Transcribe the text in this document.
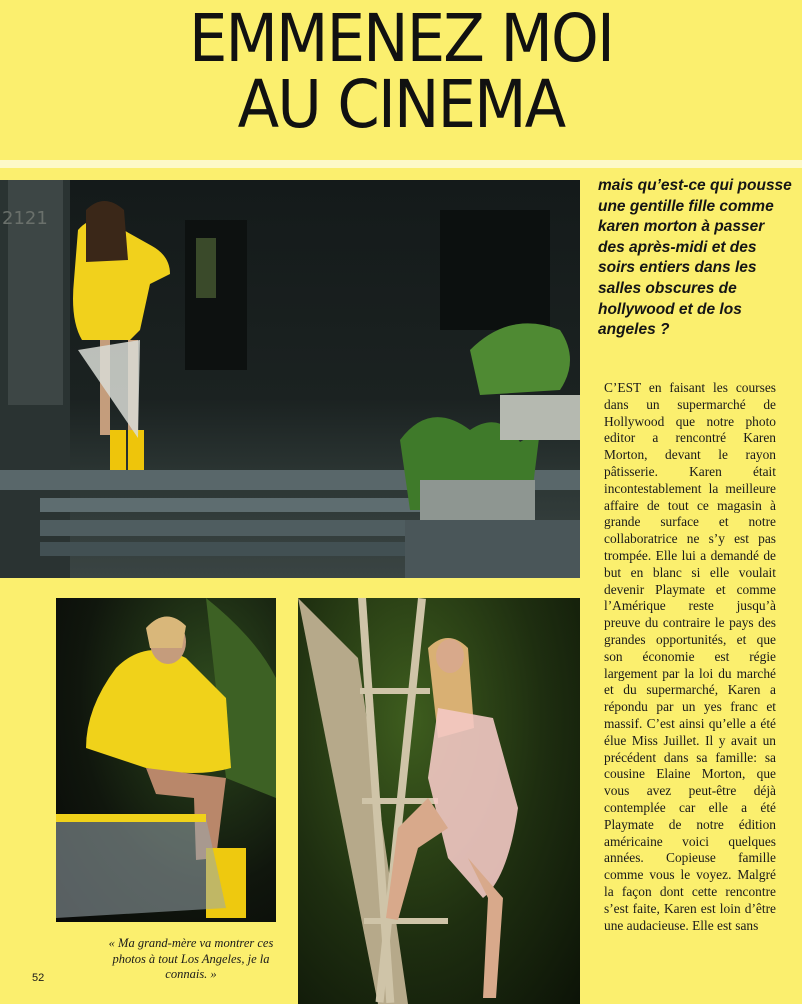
EMMENEZ MOI
AU CINEMA
2121
mais qu’est-ce qui pousse une gentille fille comme karen morton à passer des après-midi et des soirs entiers dans les salles obscures de hollywood et de los angeles ?
C’EST en faisant les courses dans un supermarché de Hollywood que notre photo editor a rencontré Karen Morton, devant le rayon pâtisserie. Karen était incontestablement la meilleure affaire de tout ce magasin à grande surface et notre collaboratrice ne s’y est pas trompée. Elle lui a demandé de but en blanc si elle voulait devenir Playmate et comme l’Amérique reste jusqu’à preuve du contraire le pays des grandes opportunités, et que son économie est régie largement par la loi du marché et du supermarché, Karen a répondu par un yes franc et massif. C’est ainsi qu’elle a été élue Miss Juillet. Il y avait un précédent dans sa famille: sa cousine Elaine Morton, que vous avez peut-être déjà contemplée car elle a été Playmate de notre édition américaine voici quelques années. Copieuse famille comme vous le voyez. Malgré la façon dont cette rencontre s’est faite, Karen est loin d’être une audacieuse. Elle est sans
« Ma grand-mère va montrer ces photos à tout Los Angeles, je la connais. »
52
